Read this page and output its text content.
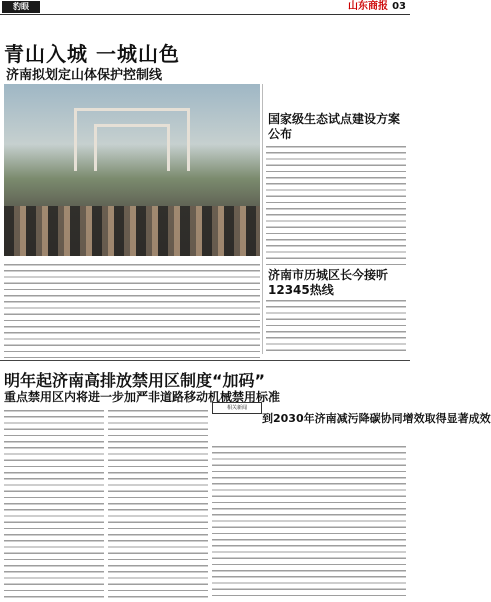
豹眼	山东商报 03
青山入城 一城山色
济南拟划定山体保护控制线
国家级生态试点建设方案公布
济南市历城区长今接听12345热线
明年起济南高排放禁用区制度“加码”
重点禁用区内将进一步加严非道路移动机械禁用标准
相关新闻
到2030年济南减污降碳协同增效取得显著成效
